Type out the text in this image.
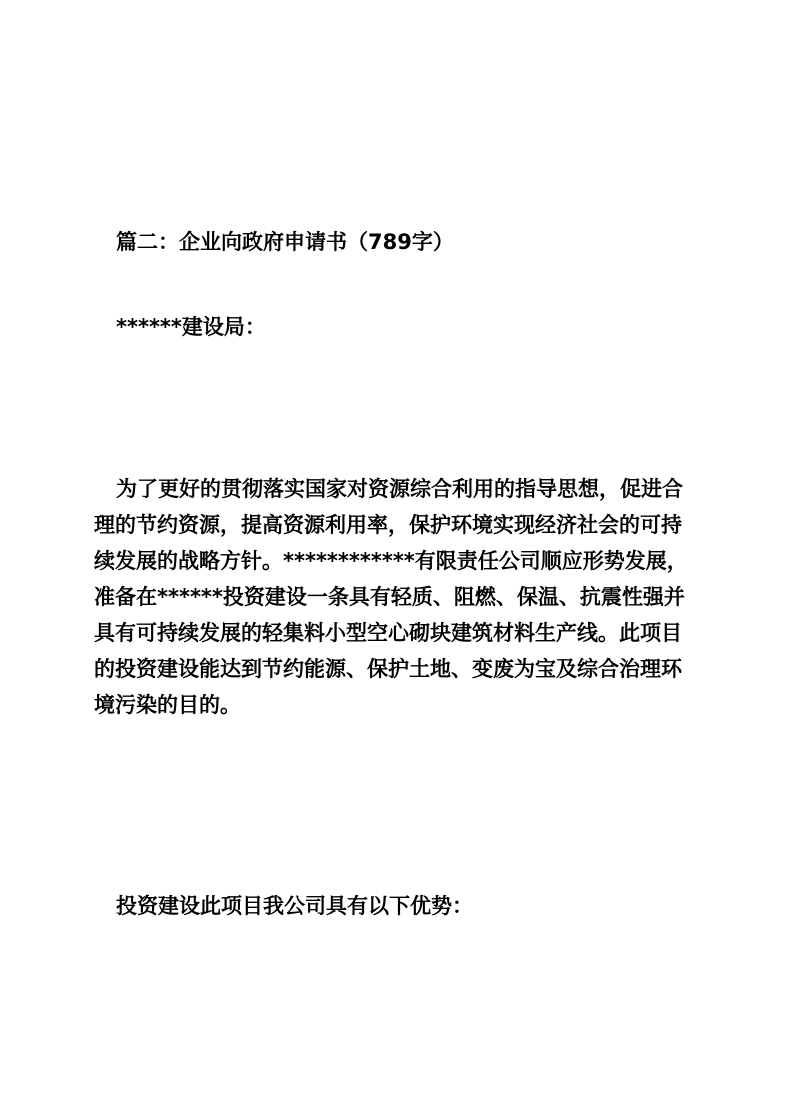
篇二：企业向政府申请书（789字）

******建设局：

为了更好的贯彻落实国家对资源综合利用的指导思想，促进合

理的节约资源，提高资源利用率，保护环境实现经济社会的可持

续发展的战略方针。************有限责任公司顺应形势发展，

准备在******投资建设一条具有轻质、阻燃、保温、抗震性强并

具有可持续发展的轻集料小型空心砌块建筑材料生产线。此项目

的投资建设能达到节约能源、保护土地、变废为宝及综合治理环

境污染的目的。

投资建设此项目我公司具有以下优势：
